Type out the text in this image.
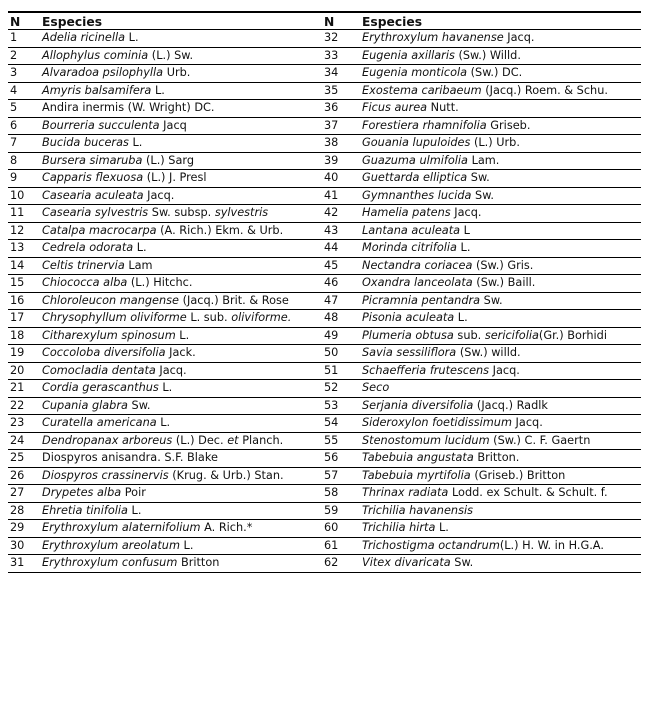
N	Especies	N	Especies
1	Adelia ricinella L.	32	Erythroxylum havanense Jacq.
2	Allophylus cominia (L.) Sw.	33	Eugenia axillaris (Sw.) Willd.
3	Alvaradoa psilophylla Urb.	34	Eugenia monticola (Sw.) DC.
4	Amyris balsamifera L.	35	Exostema caribaeum (Jacq.) Roem. & Schu.
5	Andira inermis (W. Wright) DC.	36	Ficus aurea Nutt.
6	Bourreria succulenta Jacq	37	Forestiera rhamnifolia Griseb.
7	Bucida buceras L.	38	Gouania lupuloides (L.) Urb.
8	Bursera simaruba (L.) Sarg	39	Guazuma ulmifolia Lam.
9	Capparis flexuosa (L.) J. Presl	40	Guettarda elliptica Sw.
10	Casearia aculeata Jacq.	41	Gymnanthes lucida Sw.
11	Casearia sylvestris Sw. subsp. sylvestris	42	Hamelia patens Jacq.
12	Catalpa macrocarpa (A. Rich.) Ekm. & Urb.	43	Lantana aculeata L
13	Cedrela odorata L.	44	Morinda citrifolia L.
14	Celtis trinervia Lam	45	Nectandra coriacea (Sw.) Gris.
15	Chiococca alba (L.) Hitchc.	46	Oxandra lanceolata (Sw.) Baill.
16	Chloroleucon mangense (Jacq.) Brit. & Rose	47	Picramnia pentandra Sw.
17	Chrysophyllum oliviforme L. sub. oliviforme.	48	Pisonia aculeata L.
18	Citharexylum spinosum L.	49	Plumeria obtusa sub. sericifolia(Gr.) Borhidi
19	Coccoloba diversifolia Jack.	50	Savia sessiliflora (Sw.) willd.
20	Comocladia dentata Jacq.	51	Schaefferia frutescens Jacq.
21	Cordia gerascanthus L.	52	Seco
22	Cupania glabra Sw.	53	Serjania diversifolia (Jacq.) Radlk
23	Curatella americana L.	54	Sideroxylon foetidissimum Jacq.
24	Dendropanax arboreus (L.) Dec. et Planch.	55	Stenostomum lucidum (Sw.) C. F. Gaertn
25	Diospyros anisandra. S.F. Blake	56	Tabebuia angustata Britton.
26	Diospyros crassinervis (Krug. & Urb.) Stan.	57	Tabebuia myrtifolia (Griseb.) Britton
27	Drypetes alba Poir	58	Thrinax radiata Lodd. ex Schult. & Schult. f.
28	Ehretia tinifolia L.	59	Trichilia havanensis
29	Erythroxylum alaternifolium A. Rich.*	60	Trichilia hirta L.
30	Erythroxylum areolatum L.	61	Trichostigma octandrum(L.) H. W. in H.G.A.
31	Erythroxylum confusum Britton	62	Vitex divaricata Sw.
